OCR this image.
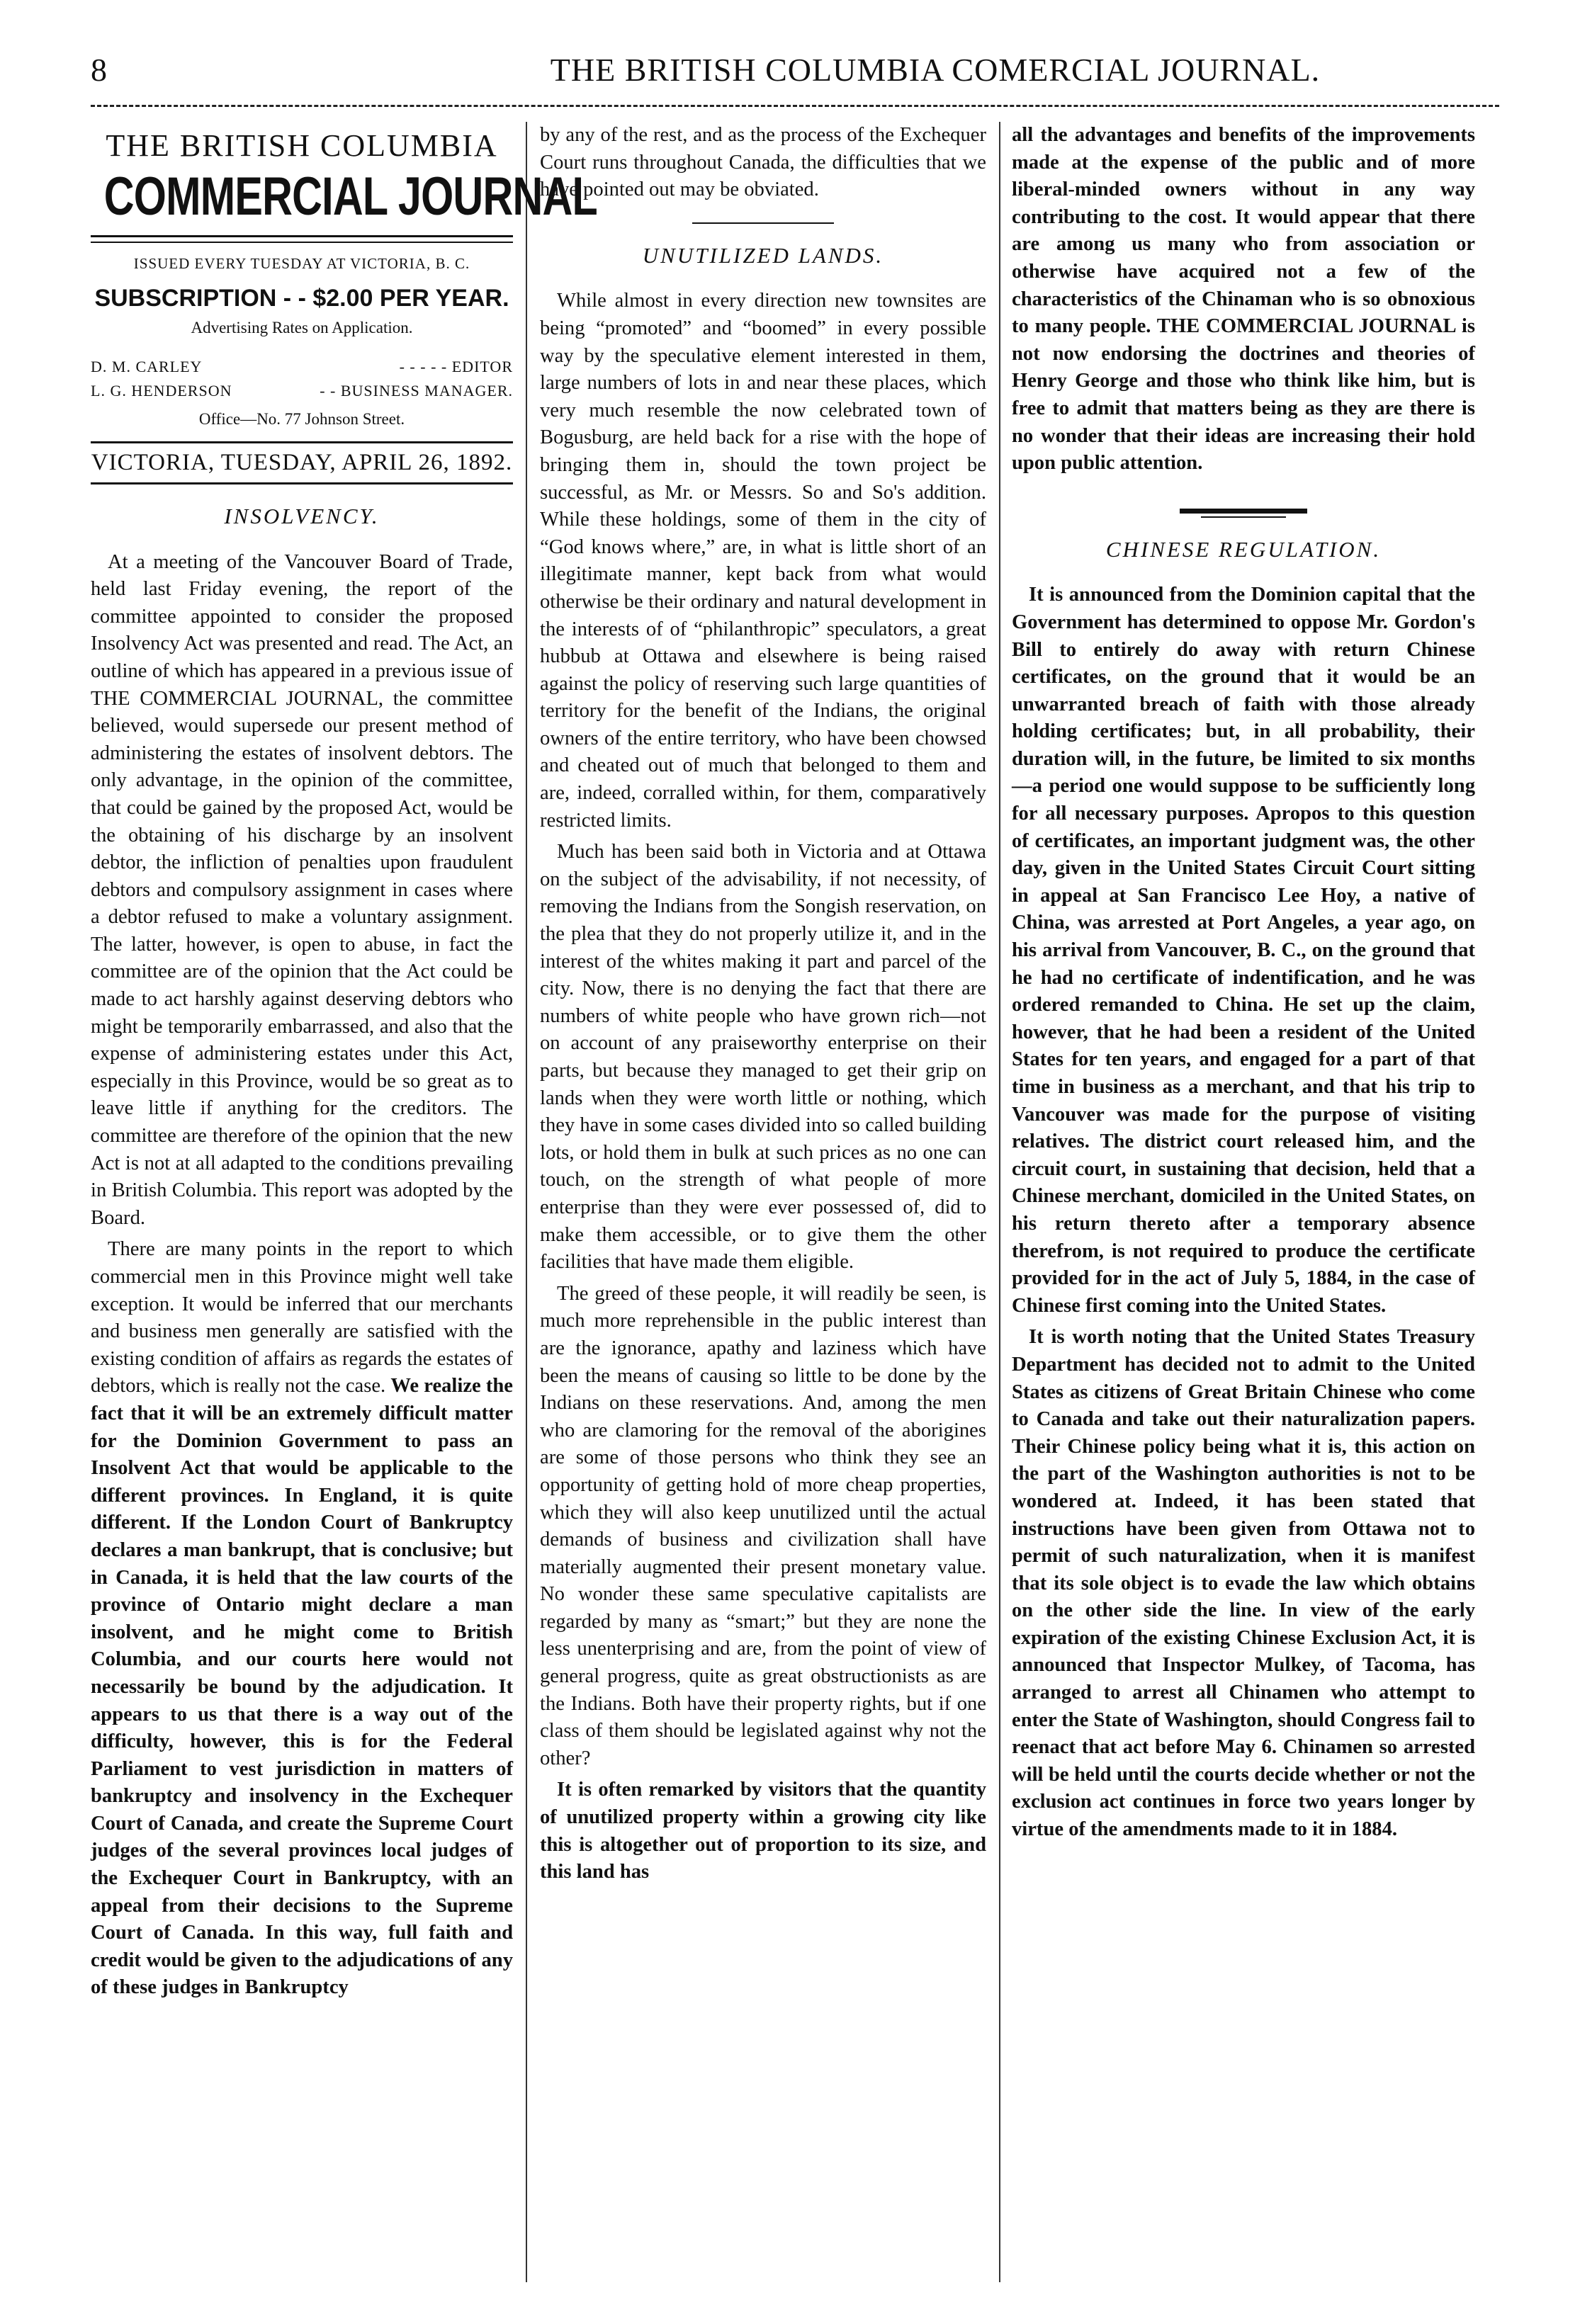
8	THE BRITISH COLUMBIA COMERCIAL JOURNAL.
THE BRITISH COLUMBIA
COMMERCIAL JOURNAL
ISSUED EVERY TUESDAY AT VICTORIA, B. C.
SUBSCRIPTION - - $2.00 PER YEAR.
Advertising Rates on Application.
D. M. CARLEY	- - - - - EDITOR
L. G. HENDERSON	- - BUSINESS MANAGER.
Office—No. 77 Johnson Street.
VICTORIA, TUESDAY, APRIL 26, 1892.
INSOLVENCY.

At a meeting of the Vancouver Board of Trade, held last Friday evening, the report of the committee appointed to consider the proposed Insolvency Act was presented and read. The Act, an outline of which has appeared in a previous issue of THE COMMERCIAL JOURNAL, the committee believed, would supersede our present method of administering the estates of insolvent debtors. The only advantage, in the opinion of the committee, that could be gained by the proposed Act, would be the obtaining of his discharge by an insolvent debtor, the infliction of penalties upon fraudulent debtors and compulsory assignment in cases where a debtor refused to make a voluntary assignment. The latter, however, is open to abuse, in fact the committee are of the opinion that the Act could be made to act harshly against deserving debtors who might be temporarily embarrassed, and also that the expense of administering estates under this Act, especially in this Province, would be so great as to leave little if anything for the creditors. The committee are therefore of the opinion that the new Act is not at all adapted to the conditions prevailing in British Columbia. This report was adopted by the Board.

There are many points in the report to which commercial men in this Province might well take exception. It would be inferred that our merchants and business men generally are satisfied with the existing condition of affairs as regards the estates of debtors, which is really not the case. We realize the fact that it will be an extremely difficult matter for the Dominion Government to pass an Insolvent Act that would be applicable to the different provinces. In England, it is quite different. If the London Court of Bankruptcy declares a man bankrupt, that is conclusive; but in Canada, it is held that the law courts of the province of Ontario might declare a man insolvent, and he might come to British Columbia, and our courts here would not necessarily be bound by the adjudication. It appears to us that there is a way out of the difficulty, however, this is for the Federal Parliament to vest jurisdiction in matters of bankruptcy and insolvency in the Exchequer Court of Canada, and create the Supreme Court judges of the several provinces local judges of the Exchequer Court in Bankruptcy, with an appeal from their decisions to the Supreme Court of Canada. In this way, full faith and credit would be given to the adjudications of any of these judges in Bankruptcy

by any of the rest, and as the process of the Exchequer Court runs throughout Canada, the difficulties that we have pointed out may be obviated.

UNUTILIZED LANDS.

While almost in every direction new townsites are being “promoted” and “boomed” in every possible way by the speculative element interested in them, large numbers of lots in and near these places, which very much resemble the now celebrated town of Bogusburg, are held back for a rise with the hope of bringing them in, should the town project be successful, as Mr. or Messrs. So and So's addition. While these holdings, some of them in the city of “God knows where,” are, in what is little short of an illegitimate manner, kept back from what would otherwise be their ordinary and natural development in the interests of of “philanthropic” speculators, a great hubbub at Ottawa and elsewhere is being raised against the policy of reserving such large quantities of territory for the benefit of the Indians, the original owners of the entire territory, who have been chowsed and cheated out of much that belonged to them and are, indeed, corralled within, for them, comparatively restricted limits.

Much has been said both in Victoria and at Ottawa on the subject of the advisability, if not necessity, of removing the Indians from the Songish reservation, on the plea that they do not properly utilize it, and in the interest of the whites making it part and parcel of the city. Now, there is no denying the fact that there are numbers of white people who have grown rich—not on account of any praiseworthy enterprise on their parts, but because they managed to get their grip on lands when they were worth little or nothing, which they have in some cases divided into so called building lots, or hold them in bulk at such prices as no one can touch, on the strength of what people of more enterprise than they were ever possessed of, did to make them accessible, or to give them the other facilities that have made them eligible.

The greed of these people, it will readily be seen, is much more reprehensible in the public interest than are the ignorance, apathy and laziness which have been the means of causing so little to be done by the Indians on these reservations. And, among the men who are clamoring for the removal of the aborigines are some of those persons who think they see an opportunity of getting hold of more cheap properties, which they will also keep unutilized until the actual demands of business and civilization shall have materially augmented their present monetary value. No wonder these same speculative capitalists are regarded by many as “smart;” but they are none the less unenterprising and are, from the point of view of general progress, quite as great obstructionists as are the Indians. Both have their property rights, but if one class of them should be legislated against why not the other?

It is often remarked by visitors that the quantity of unutilized property within a growing city like this is altogether out of proportion to its size, and this land has

all the advantages and benefits of the improvements made at the expense of the public and of more liberal-minded owners without in any way contributing to the cost. It would appear that there are among us many who from association or otherwise have acquired not a few of the characteristics of the Chinaman who is so obnoxious to many people. THE COMMERCIAL JOURNAL is not now endorsing the doctrines and theories of Henry George and those who think like him, but is free to admit that matters being as they are there is no wonder that their ideas are increasing their hold upon public attention.

CHINESE REGULATION.

It is announced from the Dominion capital that the Government has determined to oppose Mr. Gordon's Bill to entirely do away with return Chinese certificates, on the ground that it would be an unwarranted breach of faith with those already holding certificates; but, in all probability, their duration will, in the future, be limited to six months—a period one would suppose to be sufficiently long for all necessary purposes. Apropos to this question of certificates, an important judgment was, the other day, given in the United States Circuit Court sitting in appeal at San Francisco Lee Hoy, a native of China, was arrested at Port Angeles, a year ago, on his arrival from Vancouver, B. C., on the ground that he had no certificate of indentification, and he was ordered remanded to China. He set up the claim, however, that he had been a resident of the United States for ten years, and engaged for a part of that time in business as a merchant, and that his trip to Vancouver was made for the purpose of visiting relatives. The district court released him, and the circuit court, in sustaining that decision, held that a Chinese merchant, domiciled in the United States, on his return thereto after a temporary absence therefrom, is not required to produce the certificate provided for in the act of July 5, 1884, in the case of Chinese first coming into the United States.

It is worth noting that the United States Treasury Department has decided not to admit to the United States as citizens of Great Britain Chinese who come to Canada and take out their naturalization papers. Their Chinese policy being what it is, this action on the part of the Washington authorities is not to be wondered at. Indeed, it has been stated that instructions have been given from Ottawa not to permit of such naturalization, when it is manifest that its sole object is to evade the law which obtains on the other side the line. In view of the early expiration of the existing Chinese Exclusion Act, it is announced that Inspector Mulkey, of Tacoma, has arranged to arrest all Chinamen who attempt to enter the State of Washington, should Congress fail to reenact that act before May 6. Chinamen so arrested will be held until the courts decide whether or not the exclusion act continues in force two years longer by virtue of the amendments made to it in 1884.
